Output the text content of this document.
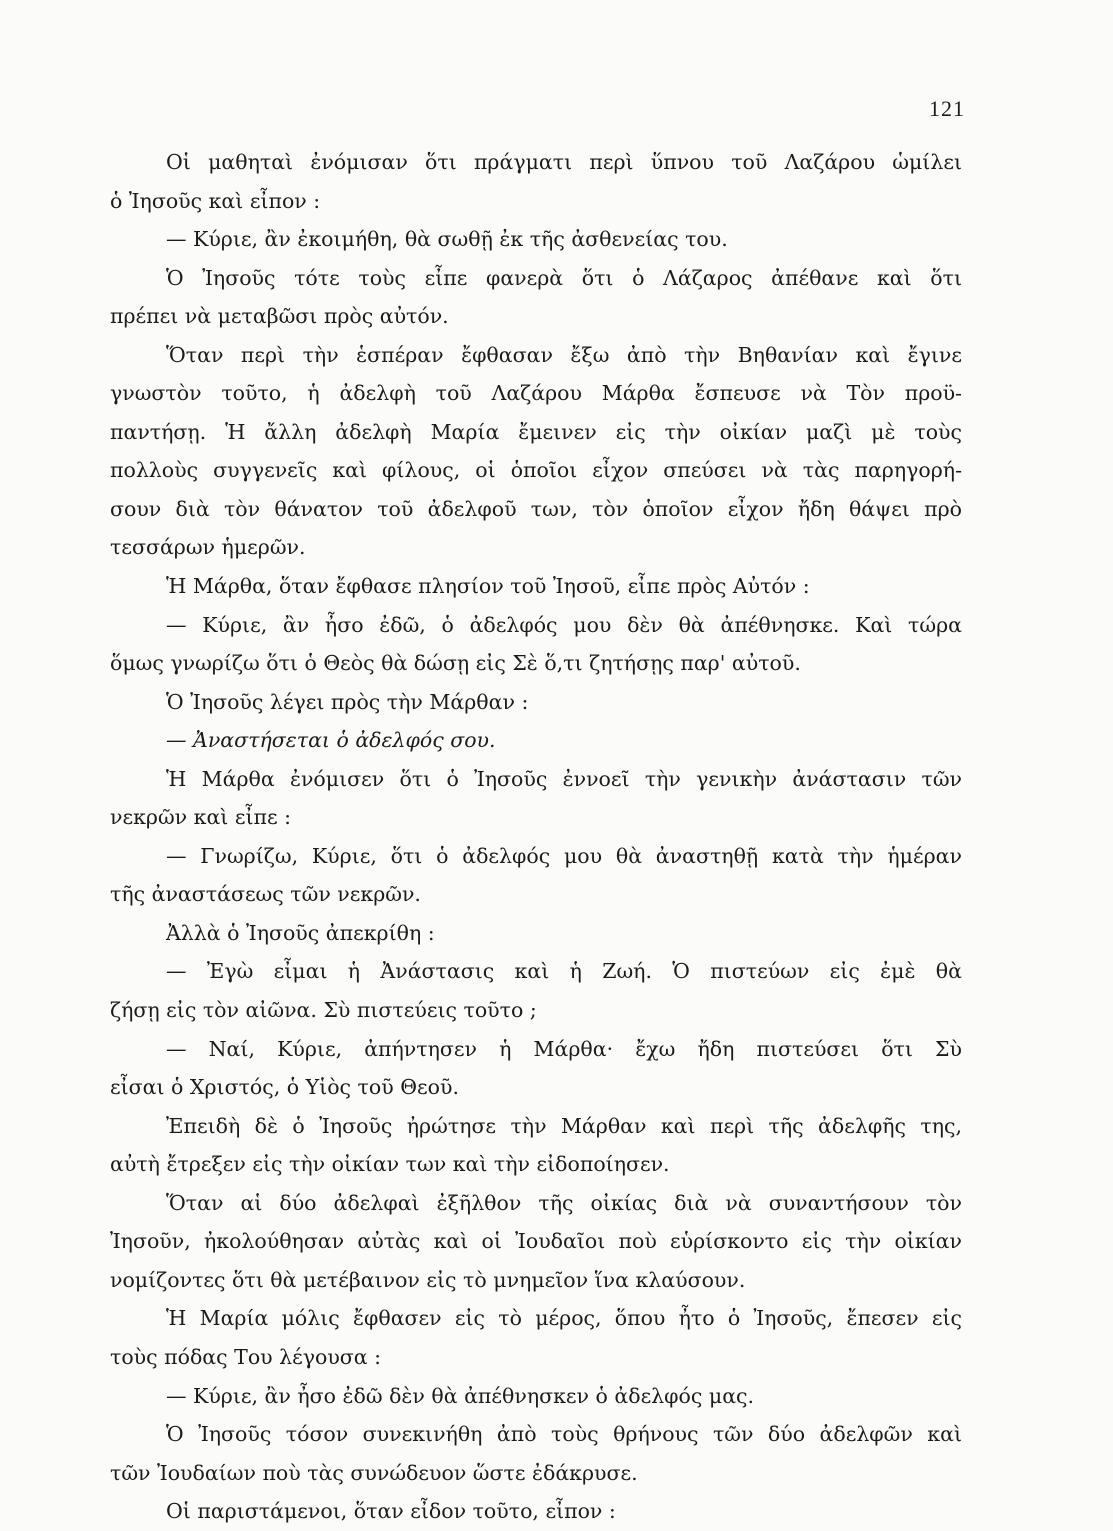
121
Οἱ μαθηταὶ ἐνόμισαν ὅτι πράγματι περὶ ὕπνου τοῦ Λαζάρου ὡμίλει
ὁ Ἰησοῦς καὶ εἶπον :
— Κύριε, ἂν ἐκοιμήθη, θὰ σωθῇ ἐκ τῆς ἀσθενείας του.
Ὁ Ἰησοῦς τότε τοὺς εἶπε φανερὰ ὅτι ὁ Λάζαρος ἀπέθανε καὶ ὅτι
πρέπει νὰ μεταβῶσι πρὸς αὐτόν.
Ὅταν περὶ τὴν ἑσπέραν ἔφθασαν ἔξω ἀπὸ τὴν Βηθανίαν καὶ ἔγινε
γνωστὸν τοῦτο, ἡ ἀδελφὴ τοῦ Λαζάρου Μάρθα ἔσπευσε νὰ Τὸν προϋ-
παντήσῃ. Ἡ ἄλλη ἀδελφὴ Μαρία ἔμεινεν εἰς τὴν οἰκίαν μαζὶ μὲ τοὺς
πολλοὺς συγγενεῖς καὶ φίλους, οἱ ὁποῖοι εἶχον σπεύσει νὰ τὰς παρηγορή-
σουν διὰ τὸν θάνατον τοῦ ἀδελφοῦ των, τὸν ὁποῖον εἶχον ἤδη θάψει πρὸ
τεσσάρων ἡμερῶν.
Ἡ Μάρθα, ὅταν ἔφθασε πλησίον τοῦ Ἰησοῦ, εἶπε πρὸς Αὐτόν :
— Κύριε, ἂν ἦσο ἐδῶ, ὁ ἀδελφός μου δὲν θὰ ἀπέθνησκε. Καὶ τώρα
ὅμως γνωρίζω ὅτι ὁ Θεὸς θὰ δώσῃ εἰς Σὲ ὅ,τι ζητήσῃς παρ' αὐτοῦ.
Ὁ Ἰησοῦς λέγει πρὸς τὴν Μάρθαν :
— Ἀναστήσεται ὁ ἀδελφός σου.
Ἡ Μάρθα ἐνόμισεν ὅτι ὁ Ἰησοῦς ἐννοεῖ τὴν γενικὴν ἀνάστασιν τῶν
νεκρῶν καὶ εἶπε :
— Γνωρίζω, Κύριε, ὅτι ὁ ἀδελφός μου θὰ ἀναστηθῇ κατὰ τὴν ἡμέραν
τῆς ἀναστάσεως τῶν νεκρῶν.
Ἀλλὰ ὁ Ἰησοῦς ἀπεκρίθη :
— Ἐγὼ εἶμαι ἡ Ἀνάστασις καὶ ἡ Ζωή. Ὁ πιστεύων εἰς ἐμὲ θὰ
ζήσῃ εἰς τὸν αἰῶνα. Σὺ πιστεύεις τοῦτο ;
— Ναί, Κύριε, ἀπήντησεν ἡ Μάρθα· ἔχω ἤδη πιστεύσει ὅτι Σὺ
εἶσαι ὁ Χριστός, ὁ Υἱὸς τοῦ Θεοῦ.
Ἐπειδὴ δὲ ὁ Ἰησοῦς ἠρώτησε τὴν Μάρθαν καὶ περὶ τῆς ἀδελφῆς της,
αὐτὴ ἔτρεξεν εἰς τὴν οἰκίαν των καὶ τὴν εἰδοποίησεν.
Ὅταν αἱ δύο ἀδελφαὶ ἐξῆλθον τῆς οἰκίας διὰ νὰ συναντήσουν τὸν
Ἰησοῦν, ἠκολούθησαν αὐτὰς καὶ οἱ Ἰουδαῖοι ποὺ εὑρίσκοντο εἰς τὴν οἰκίαν
νομίζοντες ὅτι θὰ μετέβαινον εἰς τὸ μνημεῖον ἵνα κλαύσουν.
Ἡ Μαρία μόλις ἔφθασεν εἰς τὸ μέρος, ὅπου ἦτο ὁ Ἰησοῦς, ἔπεσεν εἰς
τοὺς πόδας Του λέγουσα :
— Κύριε, ἂν ἦσο ἐδῶ δὲν θὰ ἀπέθνησκεν ὁ ἀδελφός μας.
Ὁ Ἰησοῦς τόσον συνεκινήθη ἀπὸ τοὺς θρήνους τῶν δύο ἀδελφῶν καὶ
τῶν Ἰουδαίων ποὺ τὰς συνώδευον ὥστε ἐδάκρυσε.
Οἱ παριστάμενοι, ὅταν εἶδον τοῦτο, εἶπον :
